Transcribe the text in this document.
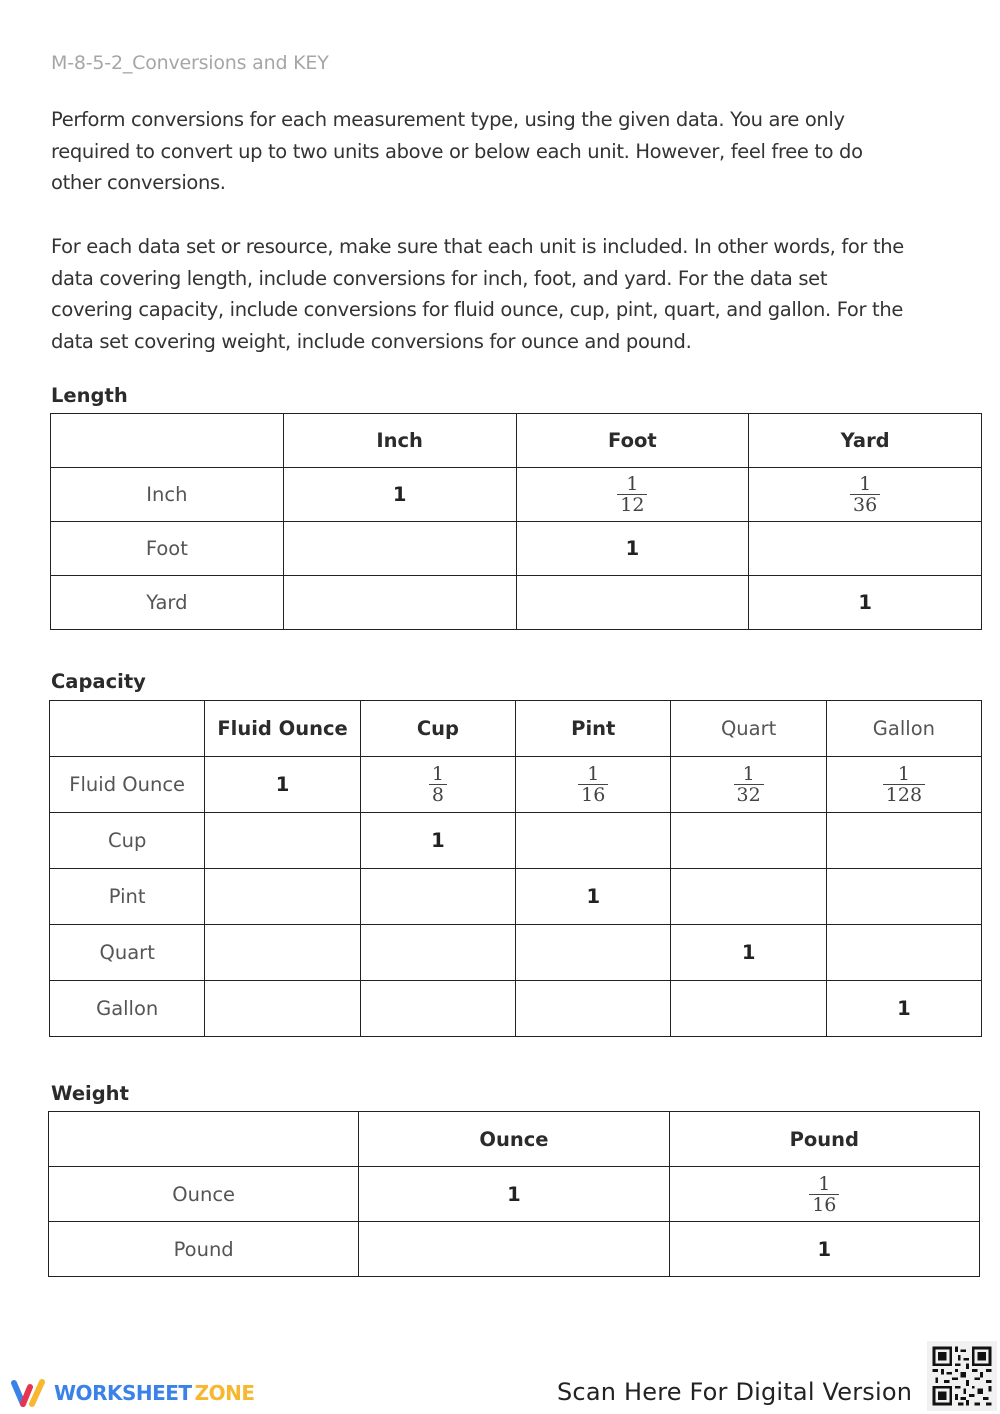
M-8-5-2_Conversions and KEY
Perform conversions for each measurement type, using the given data. You are only
required to convert up to two units above or below each unit. However, feel free to do
other conversions.
For each data set or resource, make sure that each unit is included. In other words, for the
data covering length, include conversions for inch, foot, and yard. For the data set
covering capacity, include conversions for fluid ounce, cup, pint, quart, and gallon. For the
data set covering weight, include conversions for ounce and pound.
Length
	Inch	Foot	Yard
Inch	1	$\frac{1}{12}$	$\frac{1}{36}$

Foot		1	
Yard			1
Capacity
	Fluid Ounce	Cup	Pint	Quart	Gallon
Fluid Ounce	1	$\frac{1}{8}$	$\frac{1}{16}$	$\frac{1}{32}$	$\frac{1}{128}$

Cup		1			
Pint			1		
Quart				1	
Gallon					1
Weight
	Ounce	Pound
Ounce	1	$\frac{1}{16}$

Pound		1
WORKSHEET ZONE	Scan Here For Digital Version
